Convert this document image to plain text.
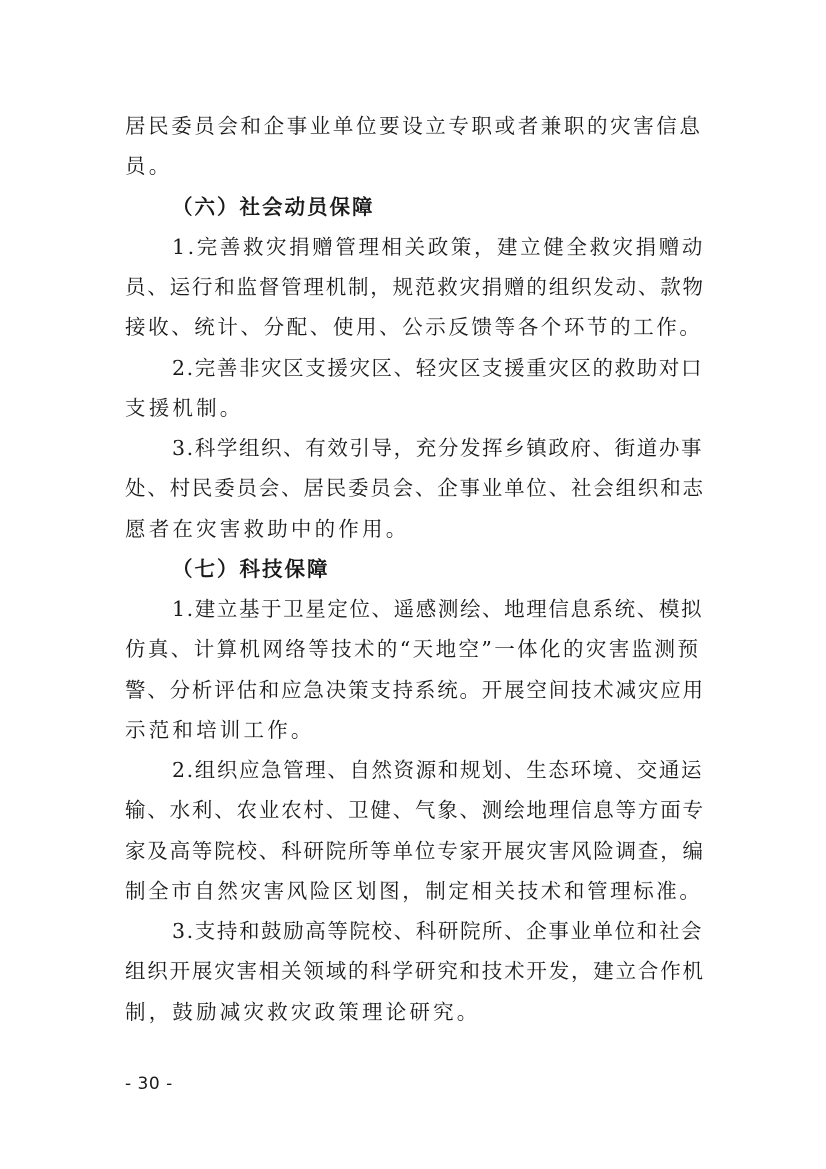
居民委员会和企事业单位要设立专职或者兼职的灾害信息
员。
（六）社会动员保障
1.完善救灾捐赠管理相关政策，建立健全救灾捐赠动
员、运行和监督管理机制，规范救灾捐赠的组织发动、款物
接收、统计、分配、使用、公示反馈等各个环节的工作。
2.完善非灾区支援灾区、轻灾区支援重灾区的救助对口
支援机制。
3.科学组织、有效引导，充分发挥乡镇政府、街道办事
处、村民委员会、居民委员会、企事业单位、社会组织和志
愿者在灾害救助中的作用。
（七）科技保障
1.建立基于卫星定位、遥感测绘、地理信息系统、模拟
仿真、计算机网络等技术的“天地空”一体化的灾害监测预
警、分析评估和应急决策支持系统。开展空间技术减灾应用
示范和培训工作。
2.组织应急管理、自然资源和规划、生态环境、交通运
输、水利、农业农村、卫健、气象、测绘地理信息等方面专
家及高等院校、科研院所等单位专家开展灾害风险调查，编
制全市自然灾害风险区划图，制定相关技术和管理标准。
3.支持和鼓励高等院校、科研院所、企事业单位和社会
组织开展灾害相关领域的科学研究和技术开发，建立合作机
制，鼓励减灾救灾政策理论研究。
- 30 -
